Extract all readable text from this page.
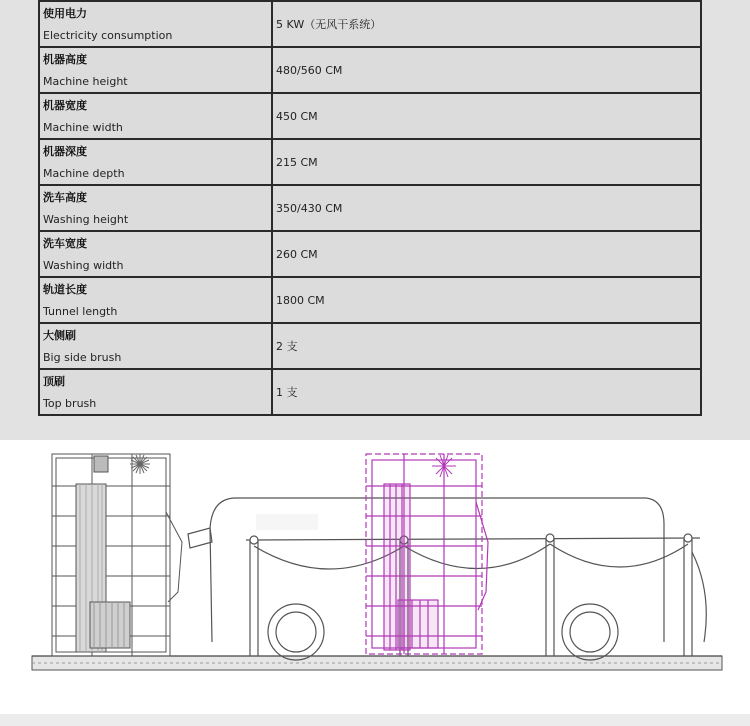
使用电力
Electricity consumption	5 KW（无风干系统）

机器高度
Machine height	480/560 CM

机器宽度
Machine width	450 CM

机器深度
Machine depth	215 CM

洗车高度
Washing height	350/430 CM

洗车宽度
Washing width	260 CM

轨道长度
Tunnel length	1800 CM

大侧刷
Big side brush	2 支

顶刷
Top brush	1 支
